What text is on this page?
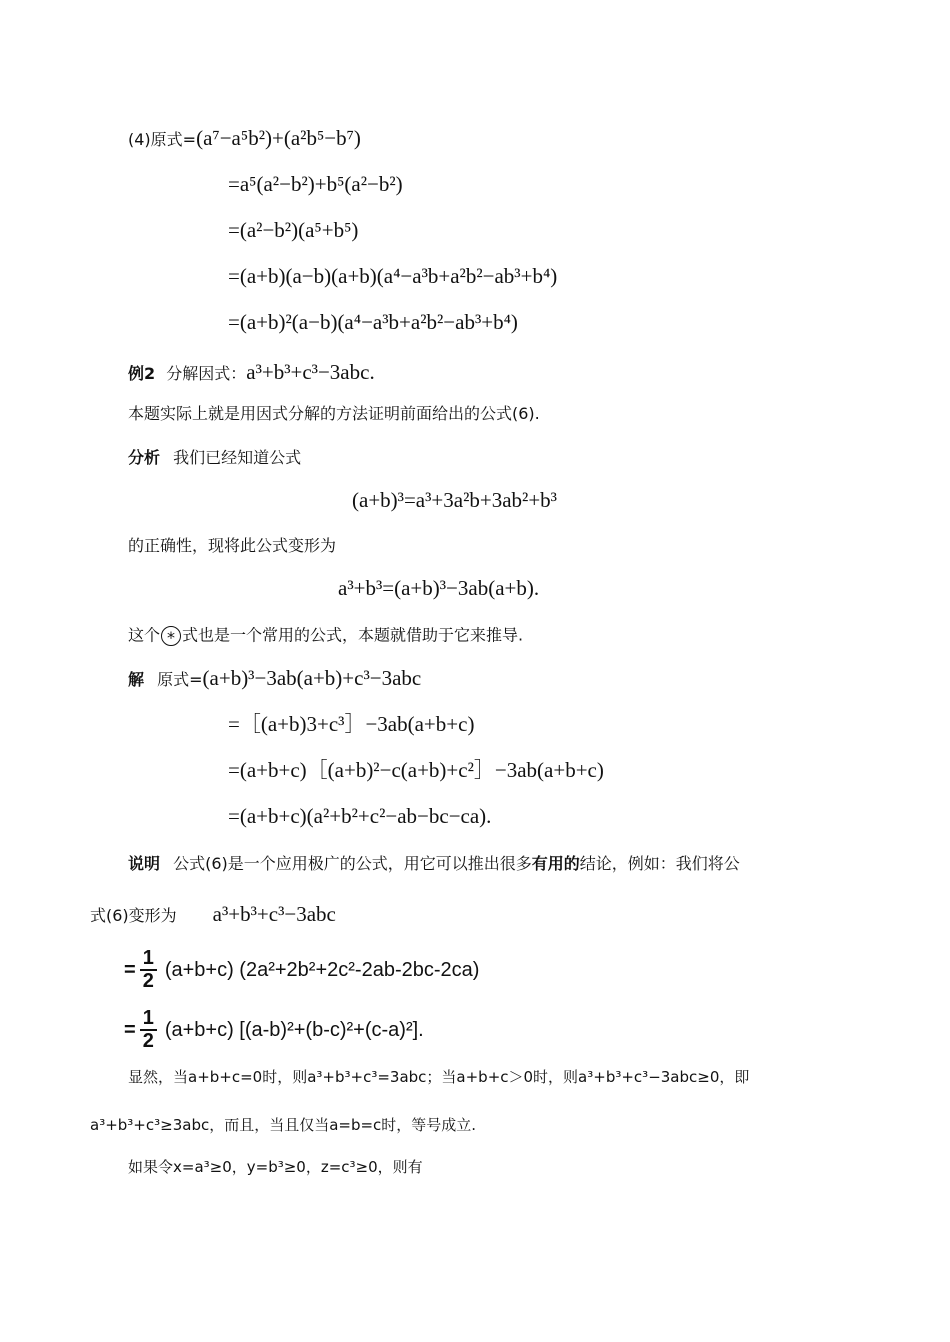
(4)原式=(a⁷−a⁵b²)+(a²b⁵−b⁷)
=a⁵(a²−b²)+b⁵(a²−b²)
=(a²−b²)(a⁵+b⁵)
=(a+b)(a−b)(a+b)(a⁴−a³b+a²b²−ab³+b⁴)
=(a+b)²(a−b)(a⁴−a³b+a²b²−ab³+b⁴)
例2 分解因式：a³+b³+c³−3abc.
本题实际上就是用因式分解的方法证明前面给出的公式(6).
分析 我们已经知道公式
(a+b)³=a³+3a²b+3ab²+b³
的正确性，现将此公式变形为
a³+b³=(a+b)³−3ab(a+b).
这个 * 式也是一个常用的公式，本题就借助于它来推导.
解 原式=(a+b)³−3ab(a+b)+c³−3abc
=［(a+b)3+c³］−3ab(a+b+c)
=(a+b+c)［(a+b)²−c(a+b)+c²］−3ab(a+b+c)
=(a+b+c)(a²+b²+c²−ab−bc−ca).
说明 公式(6)是一个应用极广的公式，用它可以推出很多有用的结论，例如：我们将公
式(6)变形为 a³+b³+c³−3abc
= $\frac{1}{2} (a+b+c)$ (2a²+2b²+2c²-2ab-2bc-2ca)
= $\frac{1}{2} (a+b+c)$ [(a-b)²+(b-c)²+(c-a)²].
显然，当a+b+c=0时，则a³+b³+c³=3abc；当a+b+c＞0时，则a³+b³+c³−3abc≥0，即
a³+b³+c³≥3abc，而且，当且仅当a=b=c时，等号成立.
如果令x=a³≥0，y=b³≥0，z=c³≥0，则有
